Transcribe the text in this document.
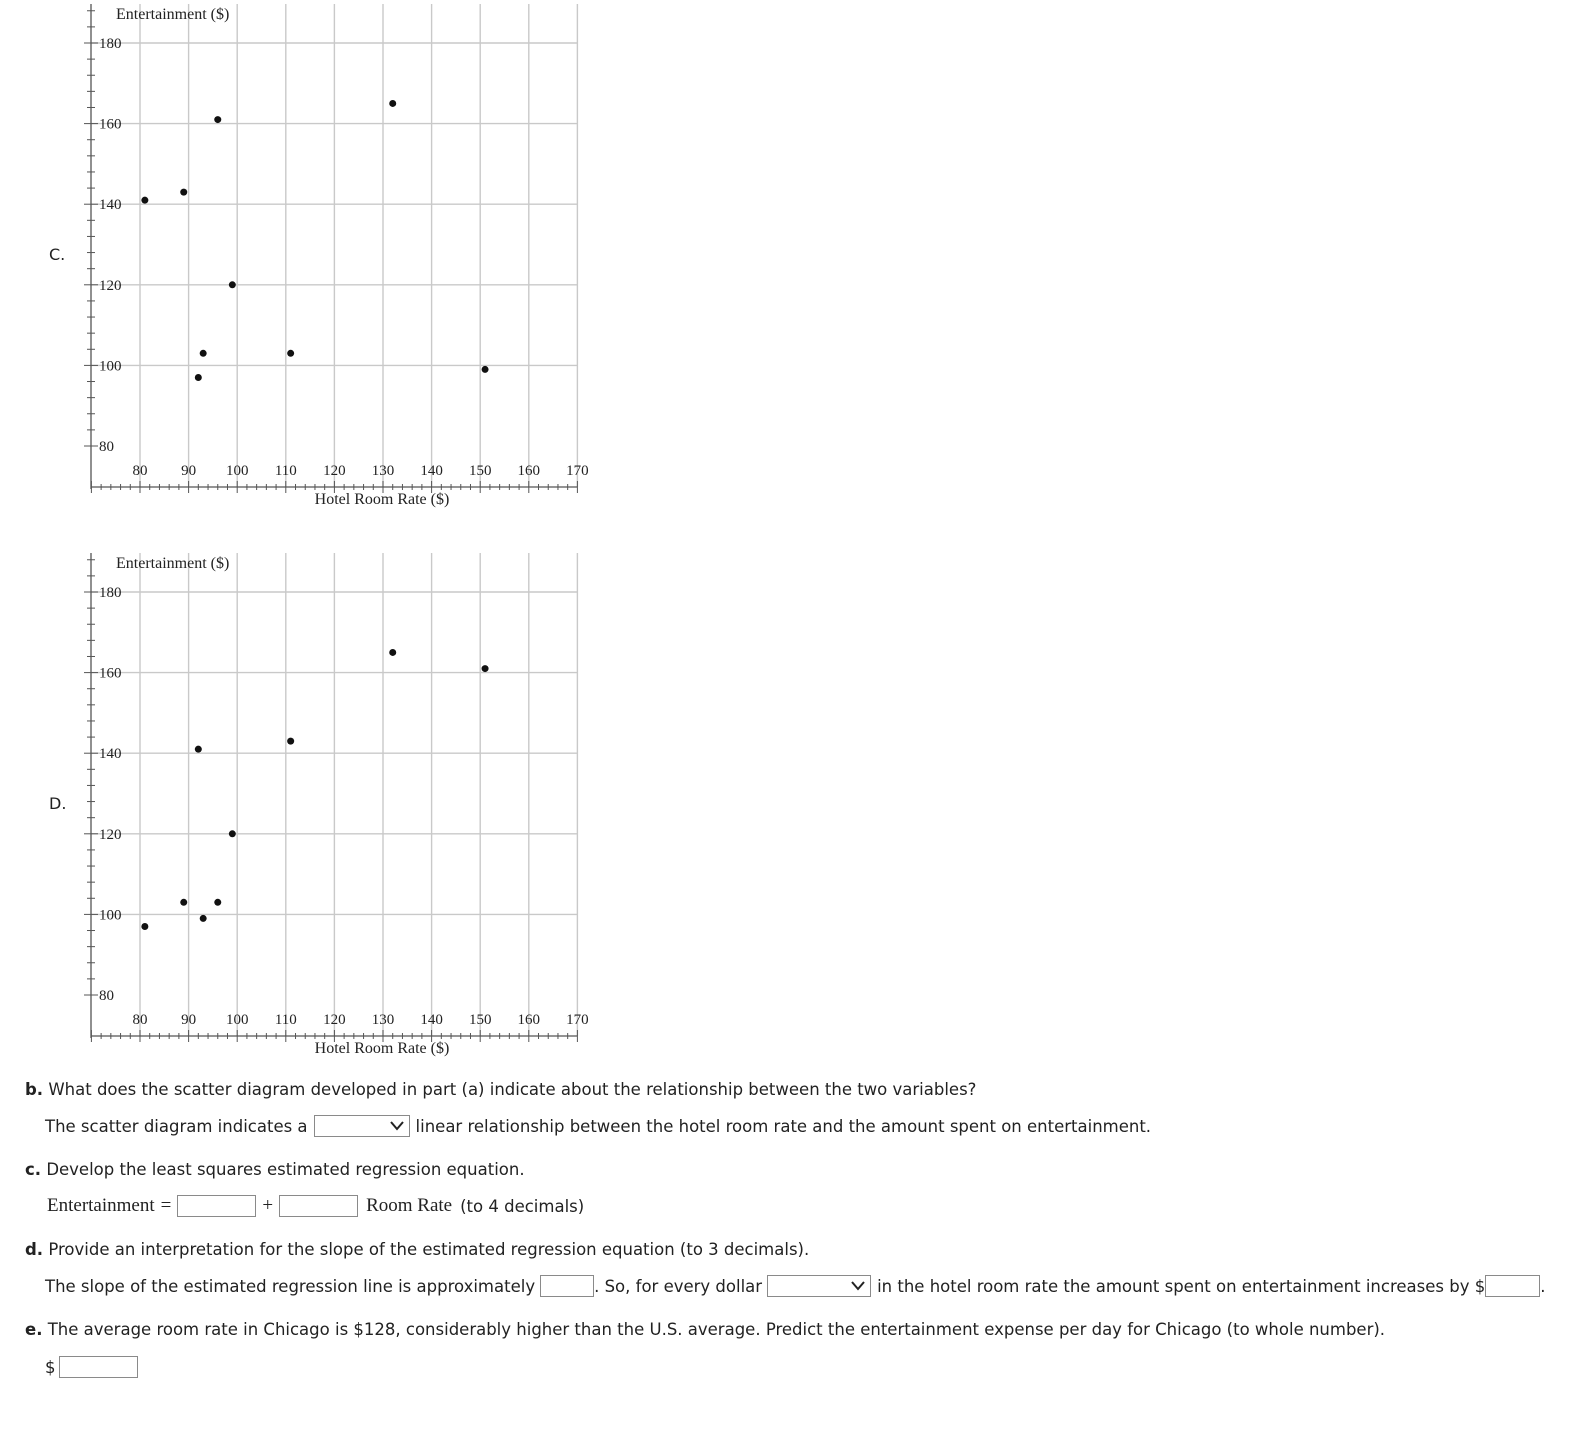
C.
180
160
140
120
100
80
80 90 100 110 120 130 140 150 160 170
Entertainment ($)
Hotel Room Rate ($)
D.
180
160
140
120
100
80
80 90 100 110 120 130 140 150 160 170
Entertainment ($)
Hotel Room Rate ($)
b. What does the scatter diagram developed in part (a) indicate about the relationship between the two variables?
The scatter diagram indicates a	linear relationship between the hotel room rate and the amount spent on entertainment.
c. Develop the least squares estimated regression equation.
Entertainment =	+	Room Rate (to 4 decimals)
d. Provide an interpretation for the slope of the estimated regression equation (to 3 decimals).
The slope of the estimated regression line is approximately	. So, for every dollar	in the hotel room rate the amount spent on entertainment increases by $	.
e. The average room rate in Chicago is $128, considerably higher than the U.S. average. Predict the entertainment expense per day for Chicago (to whole number).
$
